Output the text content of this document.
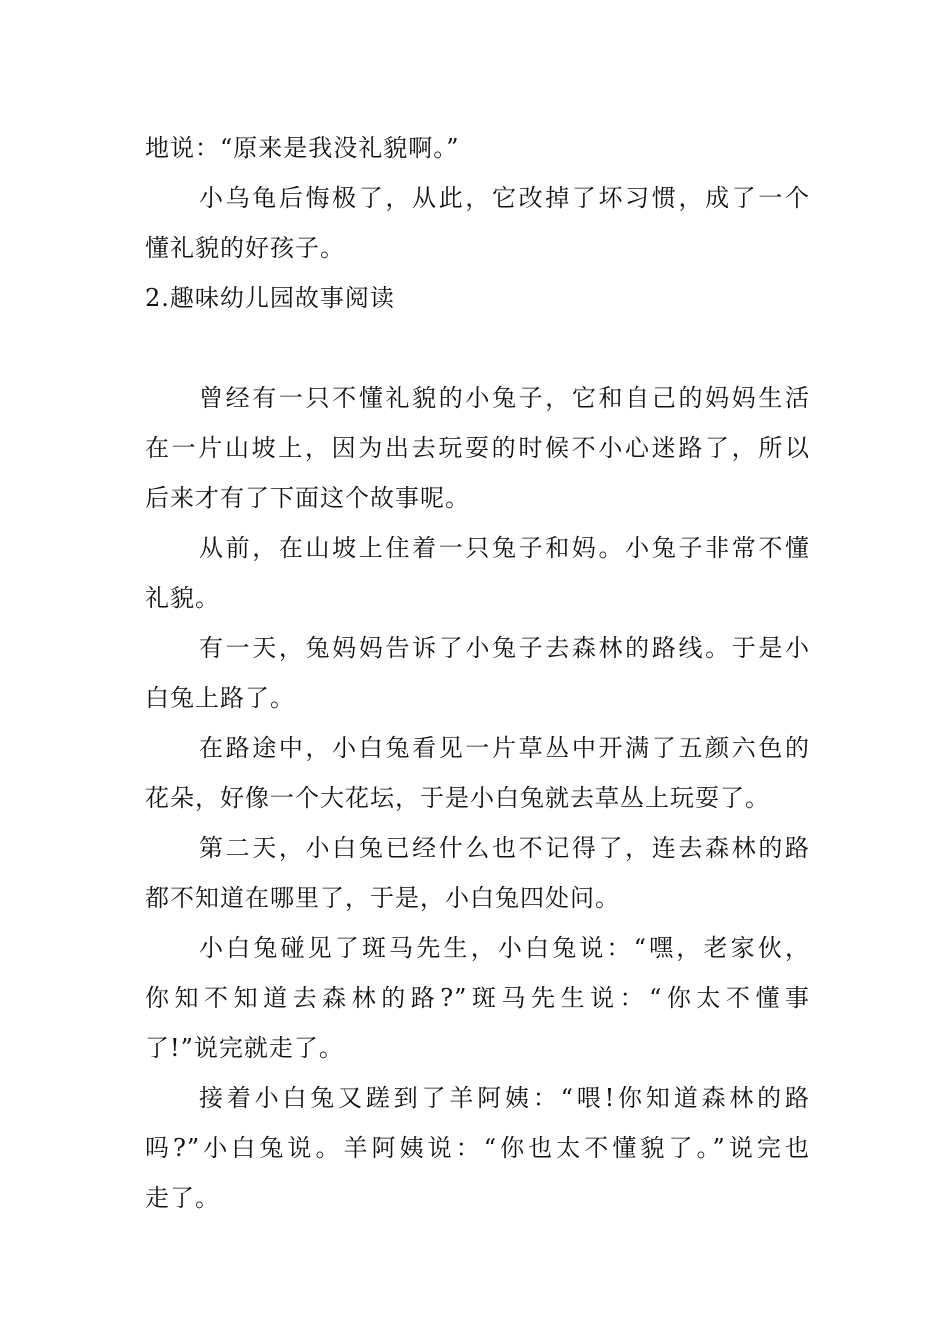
地说：“原来是我没礼貌啊。”
小乌龟后悔极了，从此，它改掉了坏习惯，成了一个
懂礼貌的好孩子。
2.趣味幼儿园故事阅读
曾经有一只不懂礼貌的小兔子，它和自己的妈妈生活
在一片山坡上，因为出去玩耍的时候不小心迷路了，所以
后来才有了下面这个故事呢。
从前，在山坡上住着一只兔子和妈。小兔子非常不懂
礼貌。
有一天，兔妈妈告诉了小兔子去森林的路线。于是小
白兔上路了。
在路途中，小白兔看见一片草丛中开满了五颜六色的
花朵，好像一个大花坛，于是小白兔就去草丛上玩耍了。
第二天，小白兔已经什么也不记得了，连去森林的路
都不知道在哪里了，于是，小白兔四处问。
小白兔碰见了斑马先生，小白兔说：“嘿，老家伙，
你知不知道去森林的路?”斑马先生说：“你太不懂事
了!”说完就走了。
接着小白兔又蹉到了羊阿姨：“喂!你知道森林的路
吗?”小白兔说。羊阿姨说：“你也太不懂貌了。”说完也
走了。
